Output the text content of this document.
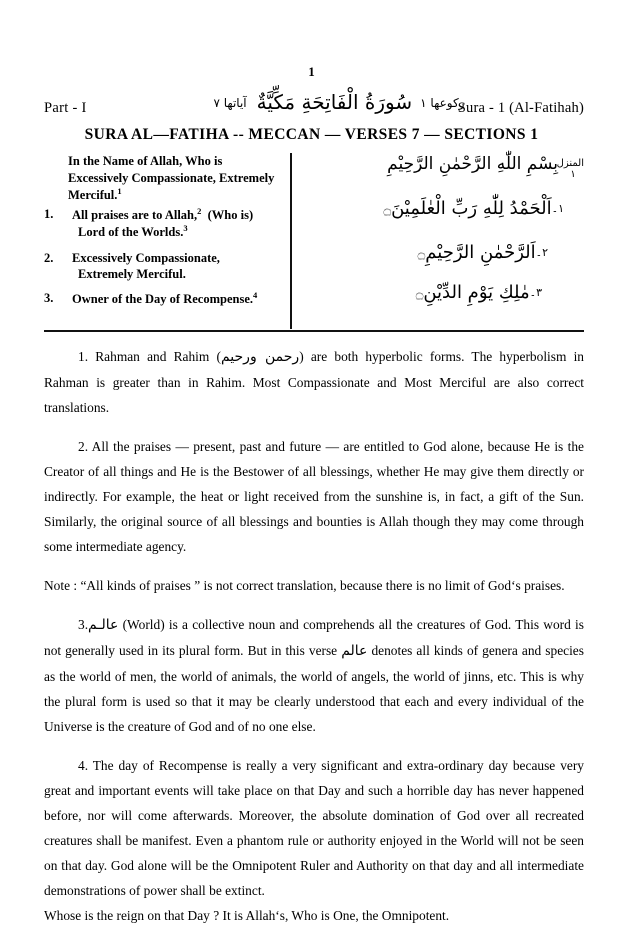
1
Part - I	رکوعها ۱سُورَةُ الْفَاتِحَةِ مَكِّيَّةٌآیاتها ۷	Sura - 1 (Al-Fatihah)
SURA AL—FATIHA -- MECCAN — VERSES 7 — SECTIONS 1
In the Name of Allah, Who is Excessively Compassionate, Extremely Merciful.$^1$
1.	All praises are to Allah,$^2$ (Who is)
Lord of the Worlds.$^3$
2.	Excessively Compassionate,
Extremely Merciful.
3.	Owner of the Day of Recompense.$^4$
المنزل ۱
بِسْمِ اللّٰهِ الرَّحْمٰنِ الرَّحِيْمِ
۱۔اَلْحَمْدُ لِلّٰهِ رَبِّ الْعٰلَمِيْنَ۝
۲۔اَلرَّحْمٰنِ الرَّحِيْمِ۝
۳۔مٰلِكِ يَوْمِ الدِّيْنِ۝

1. Rahman and Rahim (رحمن ورحیم) are both hyperbolic forms. The hyperbolism in Rahman is greater than in Rahim. Most Compassionate and Most Merciful are also correct translations.

2. All the praises — present, past and future — are entitled to God alone, because He is the Creator of all things and He is the Bestower of all blessings, whether He may give them directly or indirectly. For example, the heat or light received from the sunshine is, in fact, a gift of the Sun. Similarly, the original source of all blessings and bounties is Allah though they may come through some intermediate agency.

Note : “All kinds of praises ” is not correct translation, because there is no limit of God‘s praises.

3.عالـم (World) is a collective noun and comprehends all the creatures of God. This word is not generally used in its plural form. But in this verse عالم denotes all kinds of genera and species as the world of men, the world of animals, the world of angels, the world of jinns, etc. This is why the plural form is used so that it may be clearly understood that each and every individual of the Universe is the creature of God and of no one else.

4. The day of Recompense is really a very significant and extra-ordinary day because very great and important events will take place on that Day and such a horrible day has never happened before, nor will come afterwards. Moreover, the absolute domination of God over all recreated creatures shall be manifest. Even a phantom rule or authority enjoyed in the World will not be seen on that day. God alone will be the Omnipotent Ruler and Authority on that day and all intermediate demonstrations of power shall be extinct.

Whose is the reign on that Day ? It is Allah‘s, Who is One, the Omnipotent.
